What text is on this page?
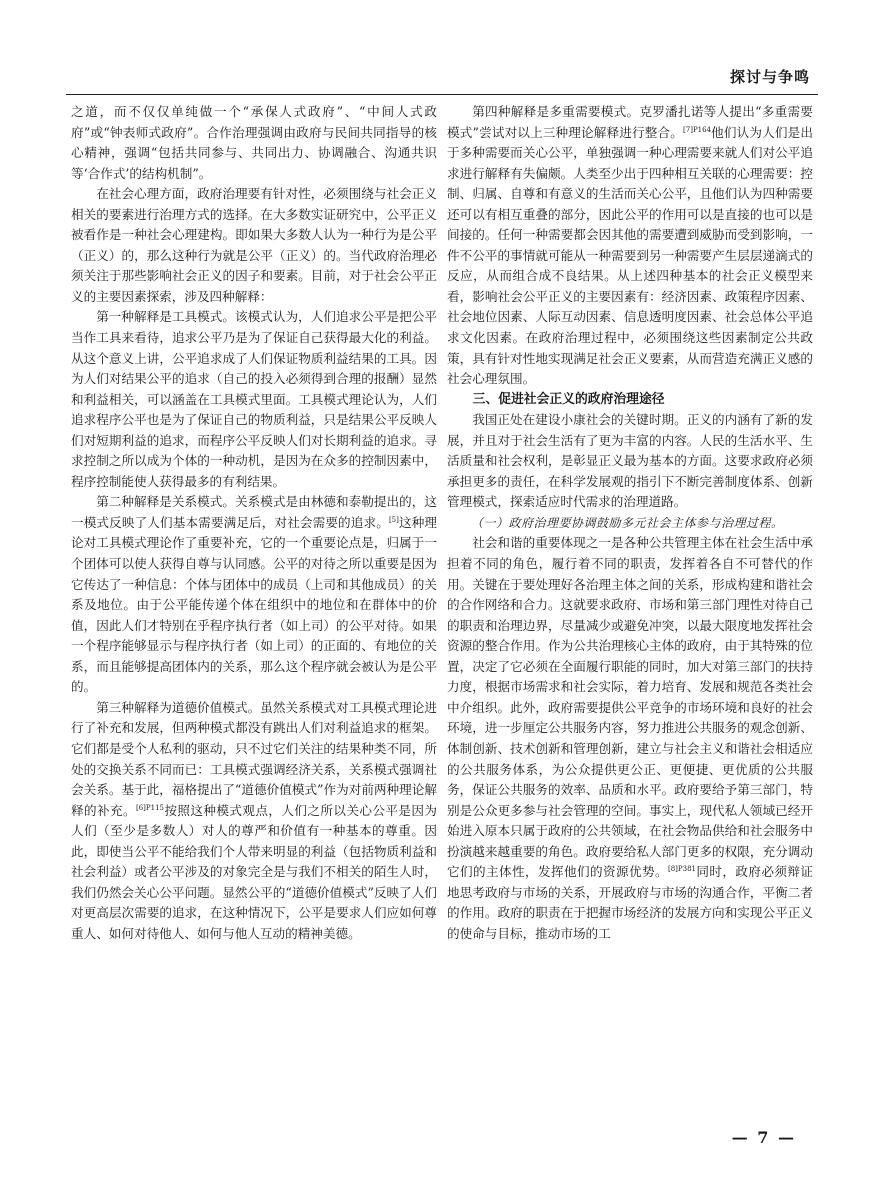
探讨与争鸣

之道，而不仅仅单纯做一个“承保人式政府”、“中间人式政府”或“钟表师式政府”。合作治理强调由政府与民间共同指导的核心精神，强调“包括共同参与、共同出力、协调融合、沟通共识等‘合作式’的结构机制”。

在社会心理方面，政府治理要有针对性，必须围绕与社会正义相关的要素进行治理方式的选择。在大多数实证研究中，公平正义被看作是一种社会心理建构。即如果大多数人认为一种行为是公平（正义）的，那么这种行为就是公平（正义）的。当代政府治理必须关注于那些影响社会正义的因子和要素。目前，对于社会公平正义的主要因素探索，涉及四种解释：

第一种解释是工具模式。该模式认为，人们追求公平是把公平当作工具来看待，追求公平乃是为了保证自己获得最大化的利益。从这个意义上讲，公平追求成了人们保证物质利益结果的工具。因为人们对结果公平的追求（自己的投入必须得到合理的报酬）显然和利益相关，可以涵盖在工具模式里面。工具模式理论认为，人们追求程序公平也是为了保证自己的物质利益，只是结果公平反映人们对短期利益的追求，而程序公平反映人们对长期利益的追求。寻求控制之所以成为个体的一种动机，是因为在众多的控制因素中，程序控制能使人获得最多的有利结果。

第二种解释是关系模式。关系模式是由林德和泰勒提出的，这一模式反映了人们基本需要满足后，对社会需要的追求。[5]这种理论对工具模式理论作了重要补充，它的一个重要论点是，归属于一个团体可以使人获得自尊与认同感。公平的对待之所以重要是因为它传达了一种信息：个体与团体中的成员（上司和其他成员）的关系及地位。由于公平能传递个体在组织中的地位和在群体中的价值，因此人们才特别在乎程序执行者（如上司）的公平对待。如果一个程序能够显示与程序执行者（如上司）的正面的、有地位的关系，而且能够提高团体内的关系，那么这个程序就会被认为是公平的。

第三种解释为道德价值模式。虽然关系模式对工具模式理论进行了补充和发展，但两种模式都没有跳出人们对利益追求的框架。它们都是受个人私利的驱动，只不过它们关注的结果种类不同，所处的交换关系不同而已：工具模式强调经济关系，关系模式强调社会关系。基于此，福格提出了“道德价值模式”作为对前两种理论解释的补充。$^{[6]P115}$按照这种模式观点，人们之所以关心公平是因为人们（至少是多数人）对人的尊严和价值有一种基本的尊重。因此，即使当公平不能给我们个人带来明显的利益（包括物质利益和社会利益）或者公平涉及的对象完全是与我们不相关的陌生人时，我们仍然会关心公平问题。显然公平的“道德价值模式”反映了人们对更高层次需要的追求，在这种情况下，公平是要求人们应如何尊重人、如何对待他人、如何与他人互动的精神美德。

第四种解释是多重需要模式。克罗潘扎诺等人提出“多重需要模式”尝试对以上三种理论解释进行整合。$^{[7]P164}$他们认为人们是出于多种需要而关心公平，单独强调一种心理需要来就人们对公平追求进行解释有失偏颇。人类至少出于四种相互关联的心理需要：控制、归属、自尊和有意义的生活而关心公平，且他们认为四种需要还可以有相互重叠的部分，因此公平的作用可以是直接的也可以是间接的。任何一种需要都会因其他的需要遭到威胁而受到影响，一件不公平的事情就可能从一种需要到另一种需要产生层层递滴式的反应，从而组合成不良结果。从上述四种基本的社会正义模型来看，影响社会公平正义的主要因素有：经济因素、政策程序因素、社会地位因素、人际互动因素、信息透明度因素、社会总体公平追求文化因素。在政府治理过程中，必须围绕这些因素制定公共政策，具有针对性地实现满足社会正义要素，从而营造充满正义感的社会心理氛围。

三、促进社会正义的政府治理途径

我国正处在建设小康社会的关键时期。正义的内涵有了新的发展，并且对于社会生活有了更为丰富的内容。人民的生活水平、生活质量和社会权利，是彰显正义最为基本的方面。这要求政府必须承担更多的责任，在科学发展观的指引下不断完善制度体系、创新管理模式，探索适应时代需求的治理道路。

（一）政府治理要协调鼓励多元社会主体参与治理过程。

社会和谐的重要体现之一是各种公共管理主体在社会生活中承担着不同的角色，履行着不同的职责，发挥着各自不可替代的作用。关键在于要处理好各治理主体之间的关系，形成构建和谐社会的合作网络和合力。这就要求政府、市场和第三部门理性对待自己的职责和治理边界，尽量减少或避免冲突，以最大限度地发挥社会资源的整合作用。作为公共治理核心主体的政府，由于其特殊的位置，决定了它必须在全面履行职能的同时，加大对第三部门的扶持力度，根据市场需求和社会实际，着力培育、发展和规范各类社会中介组织。此外，政府需要提供公平竞争的市场环境和良好的社会环境，进一步厘定公共服务内容，努力推进公共服务的观念创新、体制创新、技术创新和管理创新，建立与社会主义和谐社会相适应的公共服务体系，为公众提供更公正、更便捷、更优质的公共服务，保证公共服务的效率、品质和水平。政府要给予第三部门，特别是公众更多参与社会管理的空间。事实上，现代私人领域已经开始进入原本只属于政府的公共领域，在社会物品供给和社会服务中扮演越来越重要的角色。政府要给私人部门更多的权限，充分调动它们的主体性，发挥他们的资源优势。$^{[8]P381}$同时，政府必须辩证地思考政府与市场的关系，开展政府与市场的沟通合作，平衡二者的作用。政府的职责在于把握市场经济的发展方向和实现公平正义的使命与目标，推动市场的工

— 7 —
